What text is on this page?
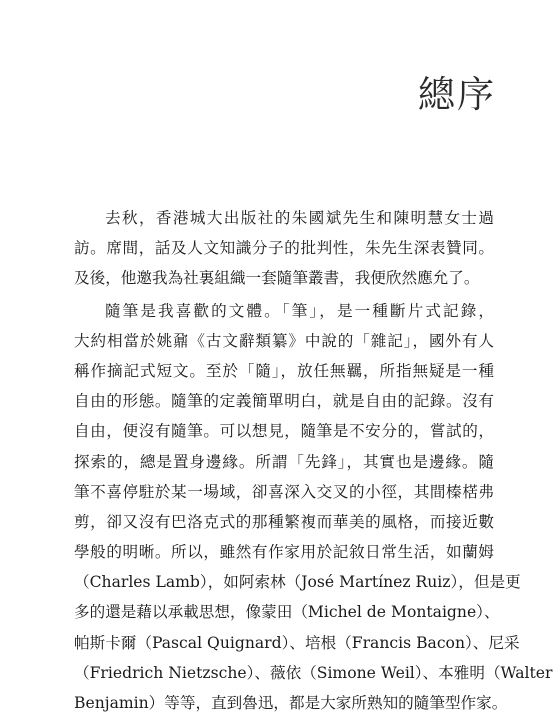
總序
去秋，香港城大出版社的朱國斌先生和陳明慧女士過
訪。席間，話及人文知識分子的批判性，朱先生深表贊同。
及後，他邀我為社裏組織一套隨筆叢書，我便欣然應允了。
隨筆是我喜歡的文體。「筆」，是一種斷片式記錄，
大約相當於姚鼐《古文辭類纂》中說的「雜記」，國外有人
稱作摘記式短文。至於「隨」，放任無羈，所指無疑是一種
自由的形態。隨筆的定義簡單明白，就是自由的記錄。沒有
自由，便沒有隨筆。可以想見，隨筆是不安分的，嘗試的，
探索的，總是置身邊緣。所謂「先鋒」，其實也是邊緣。隨
筆不喜停駐於某一場域，卻喜深入交叉的小徑，其間榛楛弗
剪，卻又沒有巴洛克式的那種繁複而華美的風格，而接近數
學般的明晰。所以，雖然有作家用於記敘日常生活，如蘭姆
（Charles Lamb），如阿索林（José Martínez Ruiz），但是更
多的還是藉以承載思想，像蒙田（Michel de Montaigne）、
帕斯卡爾（Pascal Quignard）、培根（Francis Bacon）、尼采
（Friedrich Nietzsche）、薇依（Simone Weil）、本雅明（Walter
Benjamin）等等，直到魯迅，都是大家所熟知的隨筆型作家。
